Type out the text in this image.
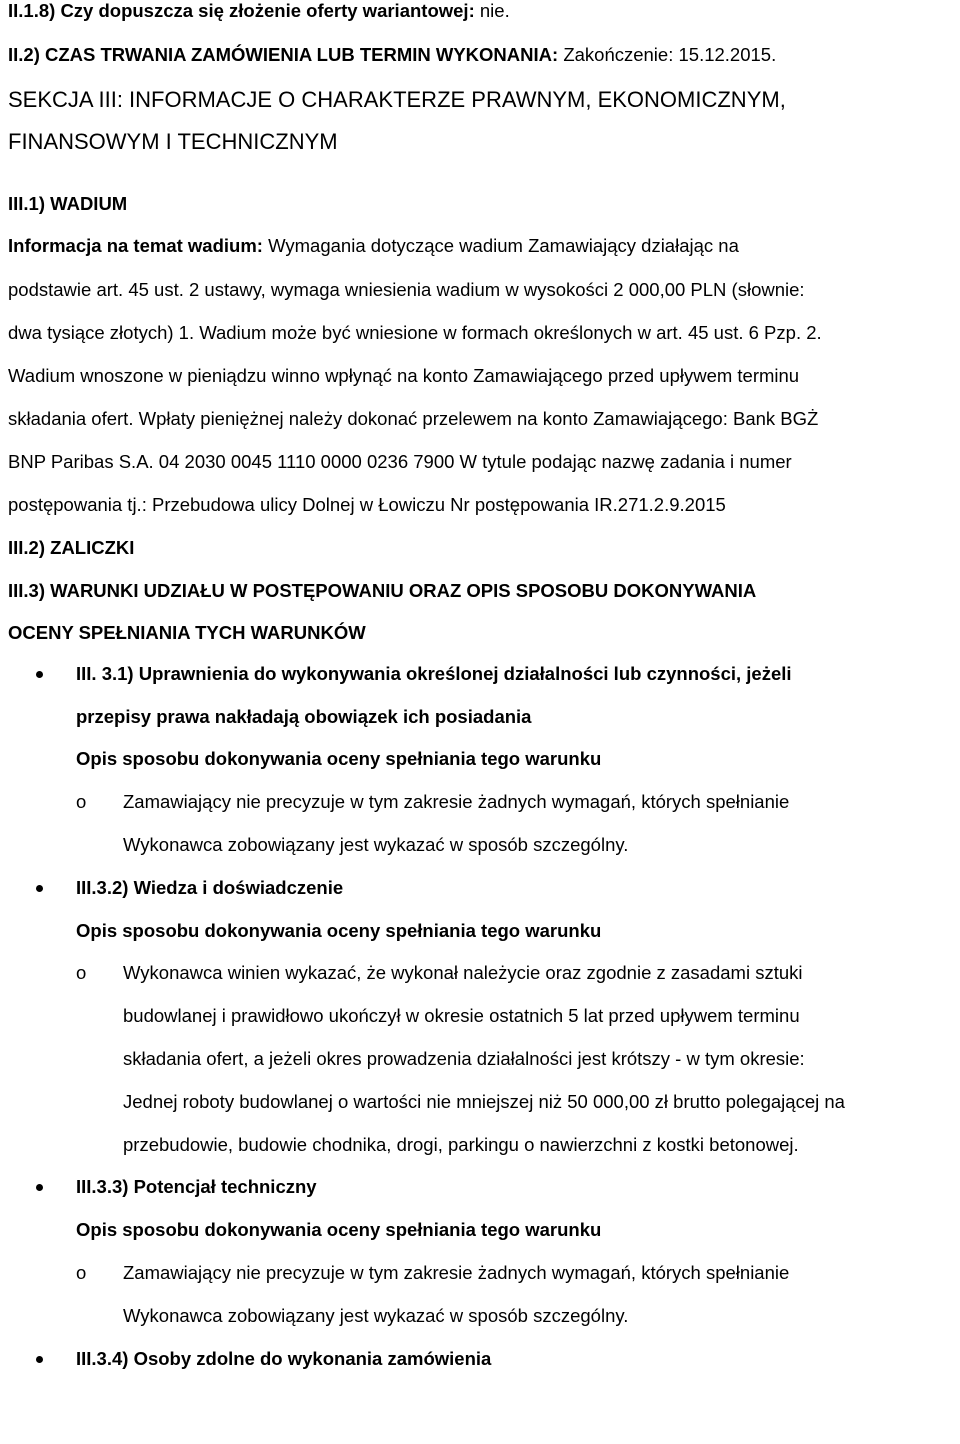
II.1.8) Czy dopuszcza się złożenie oferty wariantowej: nie.
II.2) CZAS TRWANIA ZAMÓWIENIA LUB TERMIN WYKONANIA: Zakończenie: 15.12.2015.
SEKCJA III: INFORMACJE O CHARAKTERZE PRAWNYM, EKONOMICZNYM,
FINANSOWYM I TECHNICZNYM
III.1) WADIUM
Informacja na temat wadium: Wymagania dotyczące wadium Zamawiający działając na
podstawie art. 45 ust. 2 ustawy, wymaga wniesienia wadium w wysokości 2 000,00 PLN (słownie:
dwa tysiące złotych) 1. Wadium może być wniesione w formach określonych w art. 45 ust. 6 Pzp. 2.
Wadium wnoszone w pieniądzu winno wpłynąć na konto Zamawiającego przed upływem terminu
składania ofert. Wpłaty pieniężnej należy dokonać przelewem na konto Zamawiającego: Bank BGŻ
BNP Paribas S.A. 04 2030 0045 1110 0000 0236 7900 W tytule podając nazwę zadania i numer
postępowania tj.: Przebudowa ulicy Dolnej w Łowiczu Nr postępowania IR.271.2.9.2015
III.2) ZALICZKI
III.3) WARUNKI UDZIAŁU W POSTĘPOWANIU ORAZ OPIS SPOSOBU DOKONYWANIA
OCENY SPEŁNIANIA TYCH WARUNKÓW
III. 3.1) Uprawnienia do wykonywania określonej działalności lub czynności, jeżeli
przepisy prawa nakładają obowiązek ich posiadania
Opis sposobu dokonywania oceny spełniania tego warunku
o Zamawiający nie precyzuje w tym zakresie żadnych wymagań, których spełnianie
Wykonawca zobowiązany jest wykazać w sposób szczególny.
III.3.2) Wiedza i doświadczenie
Opis sposobu dokonywania oceny spełniania tego warunku
o Wykonawca winien wykazać, że wykonał należycie oraz zgodnie z zasadami sztuki
budowlanej i prawidłowo ukończył w okresie ostatnich 5 lat przed upływem terminu
składania ofert, a jeżeli okres prowadzenia działalności jest krótszy - w tym okresie:
Jednej roboty budowlanej o wartości nie mniejszej niż 50 000,00 zł brutto polegającej na
przebudowie, budowie chodnika, drogi, parkingu o nawierzchni z kostki betonowej.
III.3.3) Potencjał techniczny
Opis sposobu dokonywania oceny spełniania tego warunku
o Zamawiający nie precyzuje w tym zakresie żadnych wymagań, których spełnianie
Wykonawca zobowiązany jest wykazać w sposób szczególny.
III.3.4) Osoby zdolne do wykonania zamówienia
